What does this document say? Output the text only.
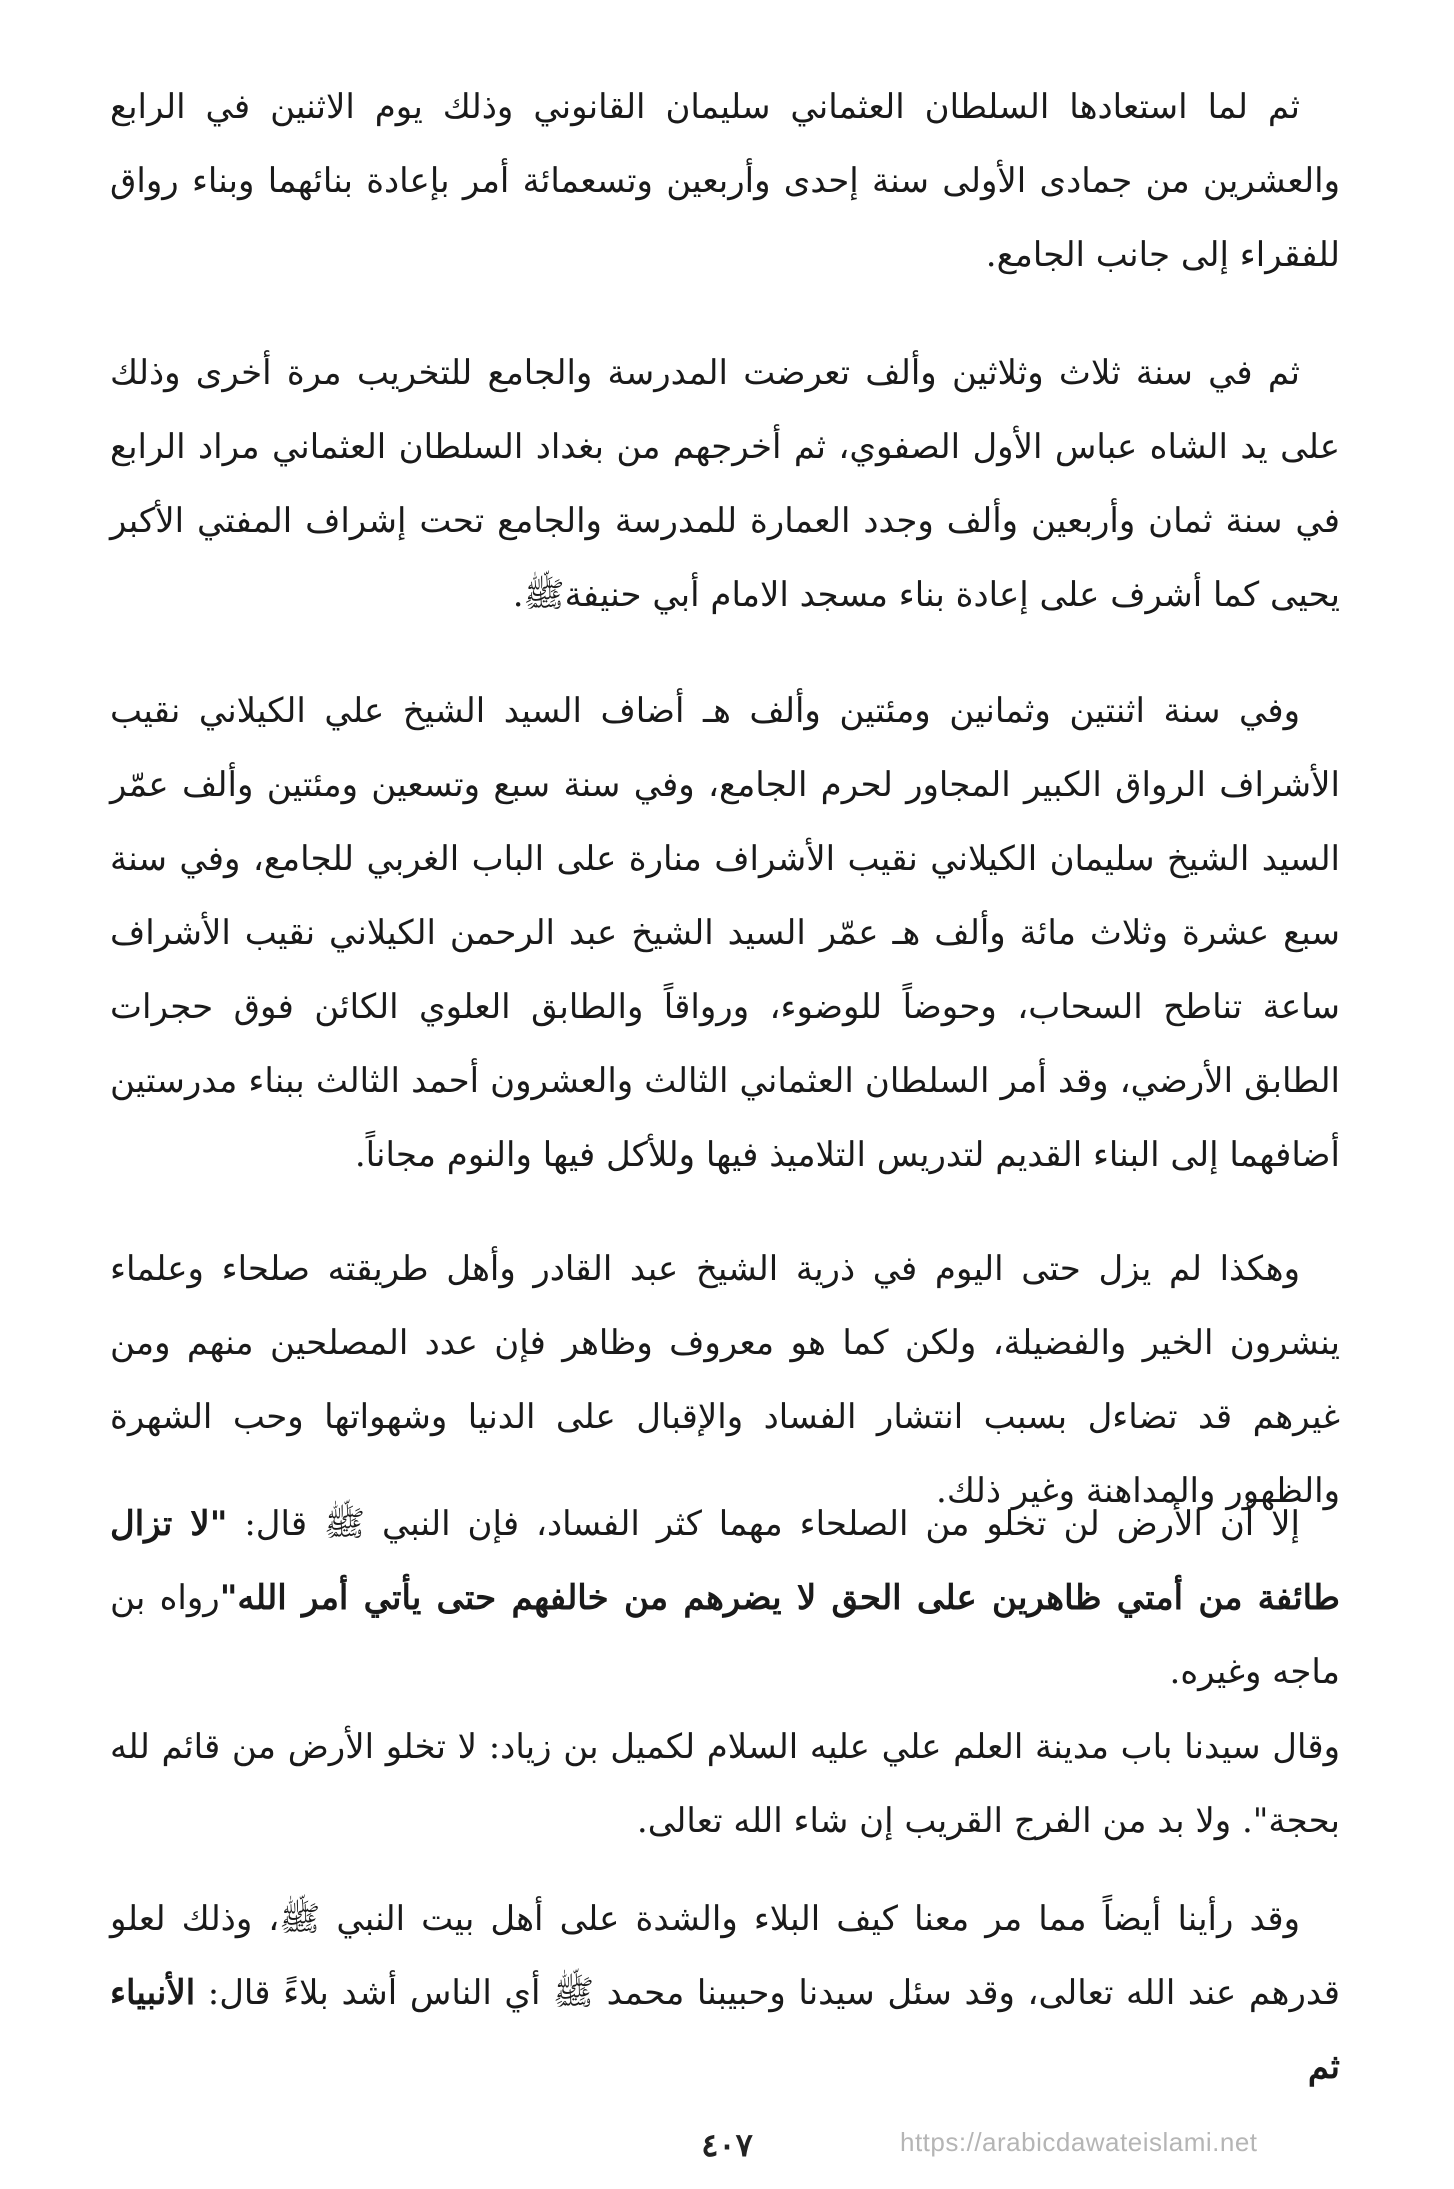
ثم لما استعادها السلطان العثماني سليمان القانوني وذلك يوم الاثنين في الرابع والعشرين من جمادى الأولى سنة إحدى وأربعين وتسعمائة أمر بإعادة بنائهما وبناء رواق للفقراء إلى جانب الجامع.

ثم في سنة ثلاث وثلاثين وألف تعرضت المدرسة والجامع للتخريب مرة أخرى وذلك على يد الشاه عباس الأول الصفوي، ثم أخرجهم من بغداد السلطان العثماني مراد الرابع في سنة ثمان وأربعين وألف وجدد العمارة للمدرسة والجامع تحت إشراف المفتي الأكبر يحيى كما أشرف على إعادة بناء مسجد الامام أبي حنيفةﷺ.

وفي سنة اثنتين وثمانين ومئتين وألف هـ أضاف السيد الشيخ علي الكيلاني نقيب الأشراف الرواق الكبير المجاور لحرم الجامع، وفي سنة سبع وتسعين ومئتين وألف عمّر السيد الشيخ سليمان الكيلاني نقيب الأشراف منارة على الباب الغربي للجامع، وفي سنة سبع عشرة وثلاث مائة وألف هـ عمّر السيد الشيخ عبد الرحمن الكيلاني نقيب الأشراف ساعة تناطح السحاب، وحوضاً للوضوء، ورواقاً والطابق العلوي الكائن فوق حجرات الطابق الأرضي، وقد أمر السلطان العثماني الثالث والعشرون أحمد الثالث ببناء مدرستين أضافهما إلى البناء القديم لتدريس التلاميذ فيها وللأكل فيها والنوم مجاناً.

وهكذا لم يزل حتى اليوم في ذرية الشيخ عبد القادر وأهل طريقته صلحاء وعلماء ينشرون الخير والفضيلة، ولكن كما هو معروف وظاهر فإن عدد المصلحين منهم ومن غيرهم قد تضاءل بسبب انتشار الفساد والإقبال على الدنيا وشهواتها وحب الشهرة والظهور والمداهنة وغير ذلك.

إلا أن الأرض لن تخلو من الصلحاء مهما كثر الفساد، فإن النبي ﷺ قال: "لا تزال طائفة من أمتي ظاهرين على الحق لا يضرهم من خالفهم حتى يأتي أمر الله"رواه بن ماجه وغيره.

وقال سيدنا باب مدينة العلم علي عليه السلام لكميل بن زياد: لا تخلو الأرض من قائم لله بحجة". ولا بد من الفرج القريب إن شاء الله تعالى.

وقد رأينا أيضاً مما مر معنا كيف البلاء والشدة على أهل بيت النبي ﷺ، وذلك لعلو قدرهم عند الله تعالى، وقد سئل سيدنا وحبيبنا محمد ﷺ أي الناس أشد بلاءً قال: الأنبياء ثم

٤٠٧	https://arabicdawateislami.net
